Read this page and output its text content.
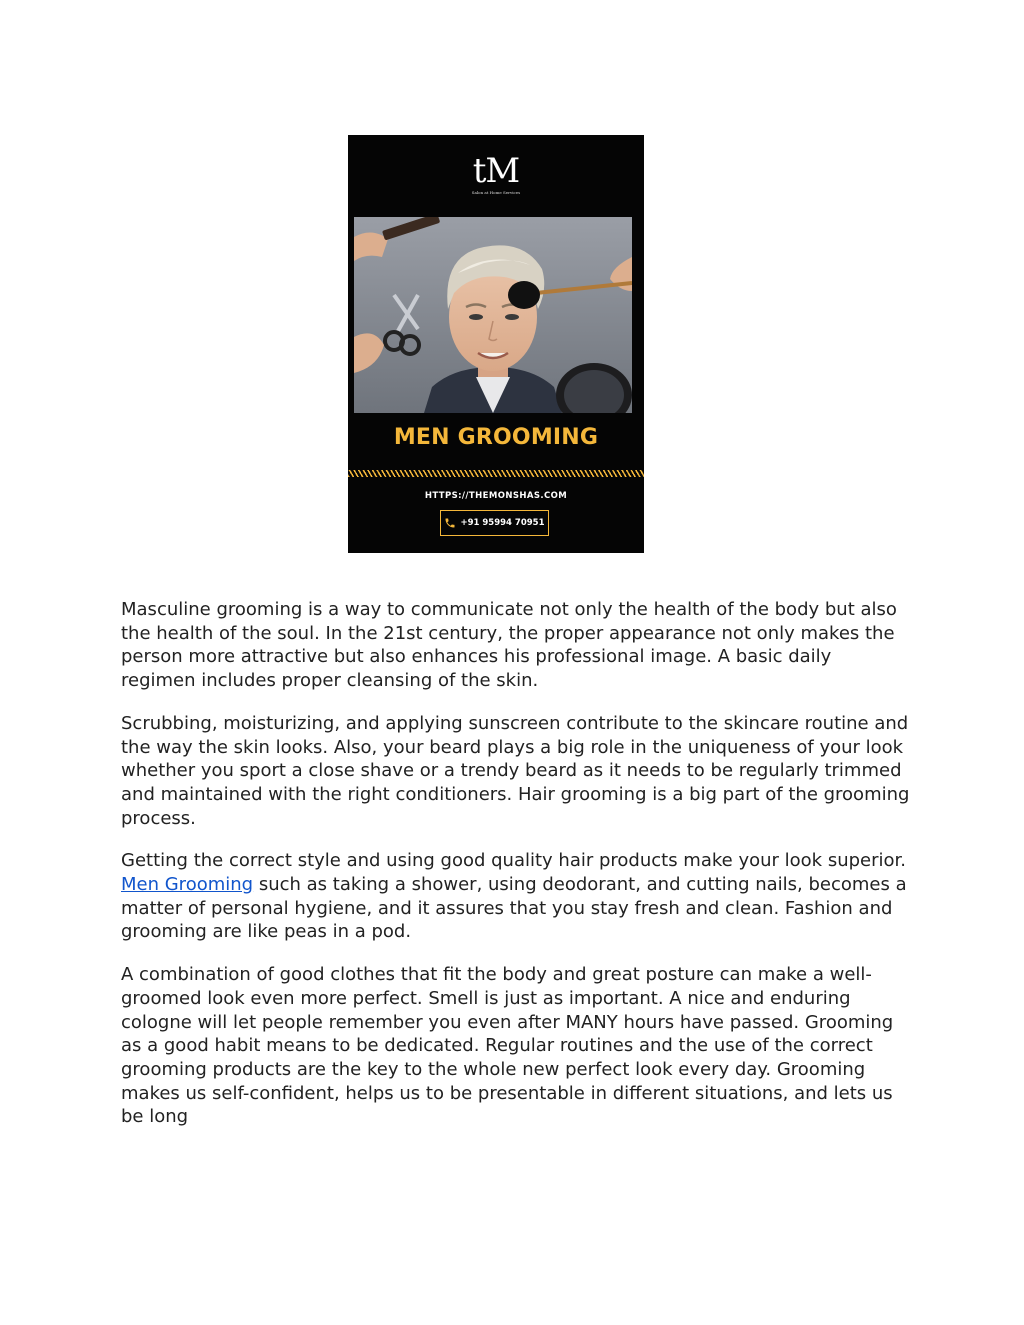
tM
Salon at Home Services
MEN GROOMING
HTTPS://THEMONSHAS.COM
+91 95994 70951

Masculine grooming is a way to communicate not only the health of the body but also the health of the soul. In the 21st century, the proper appearance not only makes the person more attractive but also enhances his professional image. A basic daily regimen includes proper cleansing of the skin.

Scrubbing, moisturizing, and applying sunscreen contribute to the skincare routine and the way the skin looks. Also, your beard plays a big role in the uniqueness of your look whether you sport a close shave or a trendy beard as it needs to be regularly trimmed and maintained with the right conditioners. Hair grooming is a big part of the grooming process.

Getting the correct style and using good quality hair products make your look superior. Men Grooming such as taking a shower, using deodorant, and cutting nails, becomes a matter of personal hygiene, and it assures that you stay fresh and clean. Fashion and grooming are like peas in a pod.

A combination of good clothes that fit the body and great posture can make a well-groomed look even more perfect. Smell is just as important. A nice and enduring cologne will let people remember you even after MANY hours have passed. Grooming as a good habit means to be dedicated. Regular routines and the use of the correct grooming products are the key to the whole new perfect look every day. Grooming makes us self-confident, helps us to be presentable in different situations, and lets us be long
